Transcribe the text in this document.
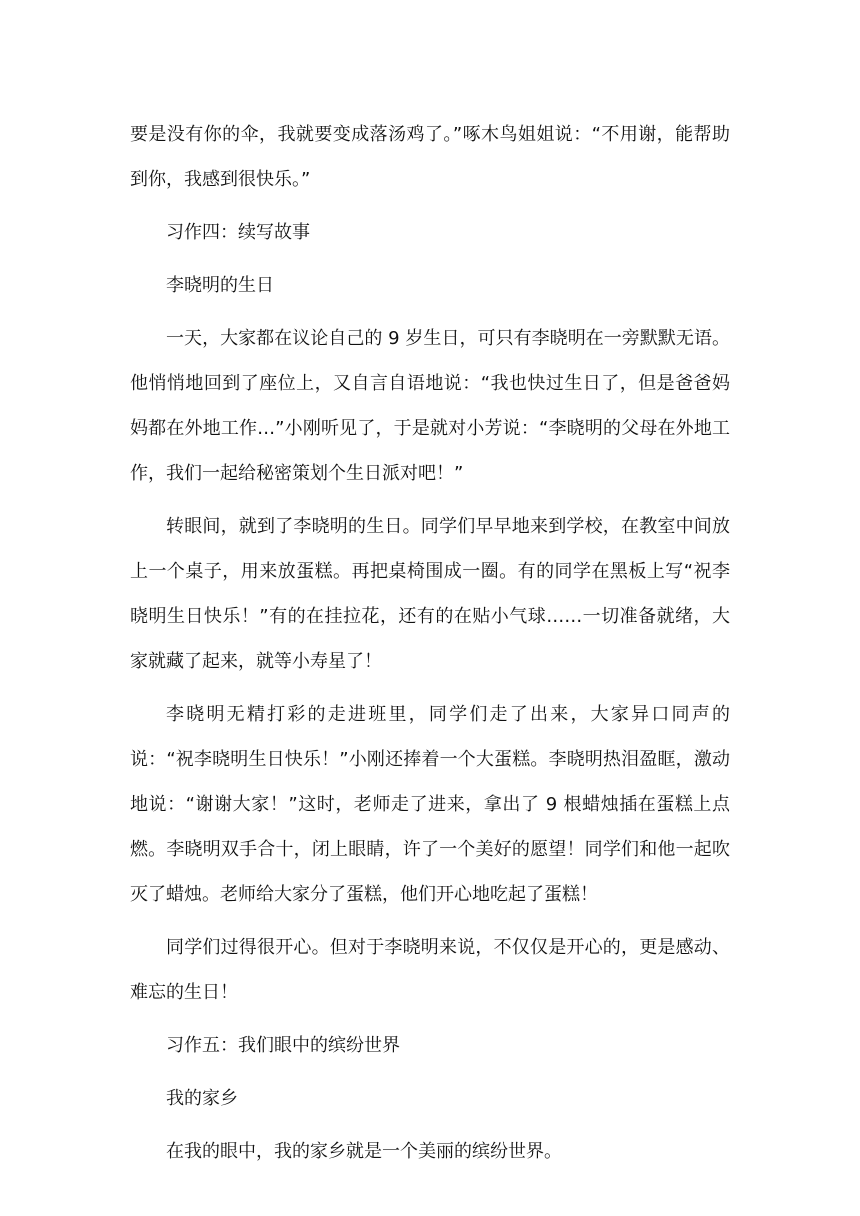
要是没有你的伞，我就要变成落汤鸡了。”啄木鸟姐姐说：“不用谢，能帮助到你，我感到很快乐。”

习作四：续写故事

李晓明的生日

一天，大家都在议论自己的 9 岁生日，可只有李晓明在一旁默默无语。他悄悄地回到了座位上，又自言自语地说：“我也快过生日了，但是爸爸妈妈都在外地工作…”小刚听见了，于是就对小芳说：“李晓明的父母在外地工作，我们一起给秘密策划个生日派对吧！”

转眼间，就到了李晓明的生日。同学们早早地来到学校，在教室中间放上一个桌子，用来放蛋糕。再把桌椅围成一圈。有的同学在黑板上写“祝李晓明生日快乐！”有的在挂拉花，还有的在贴小气球……一切准备就绪，大家就藏了起来，就等小寿星了！

李晓明无精打彩的走进班里，同学们走了出来，大家异口同声的说：“祝李晓明生日快乐！”小刚还捧着一个大蛋糕。李晓明热泪盈眶，激动地说：“谢谢大家！”这时，老师走了进来，拿出了 9 根蜡烛插在蛋糕上点燃。李晓明双手合十，闭上眼睛，许了一个美好的愿望！同学们和他一起吹灭了蜡烛。老师给大家分了蛋糕，他们开心地吃起了蛋糕！

同学们过得很开心。但对于李晓明来说，不仅仅是开心的，更是感动、难忘的生日！

习作五：我们眼中的缤纷世界

我的家乡

在我的眼中，我的家乡就是一个美丽的缤纷世界。
